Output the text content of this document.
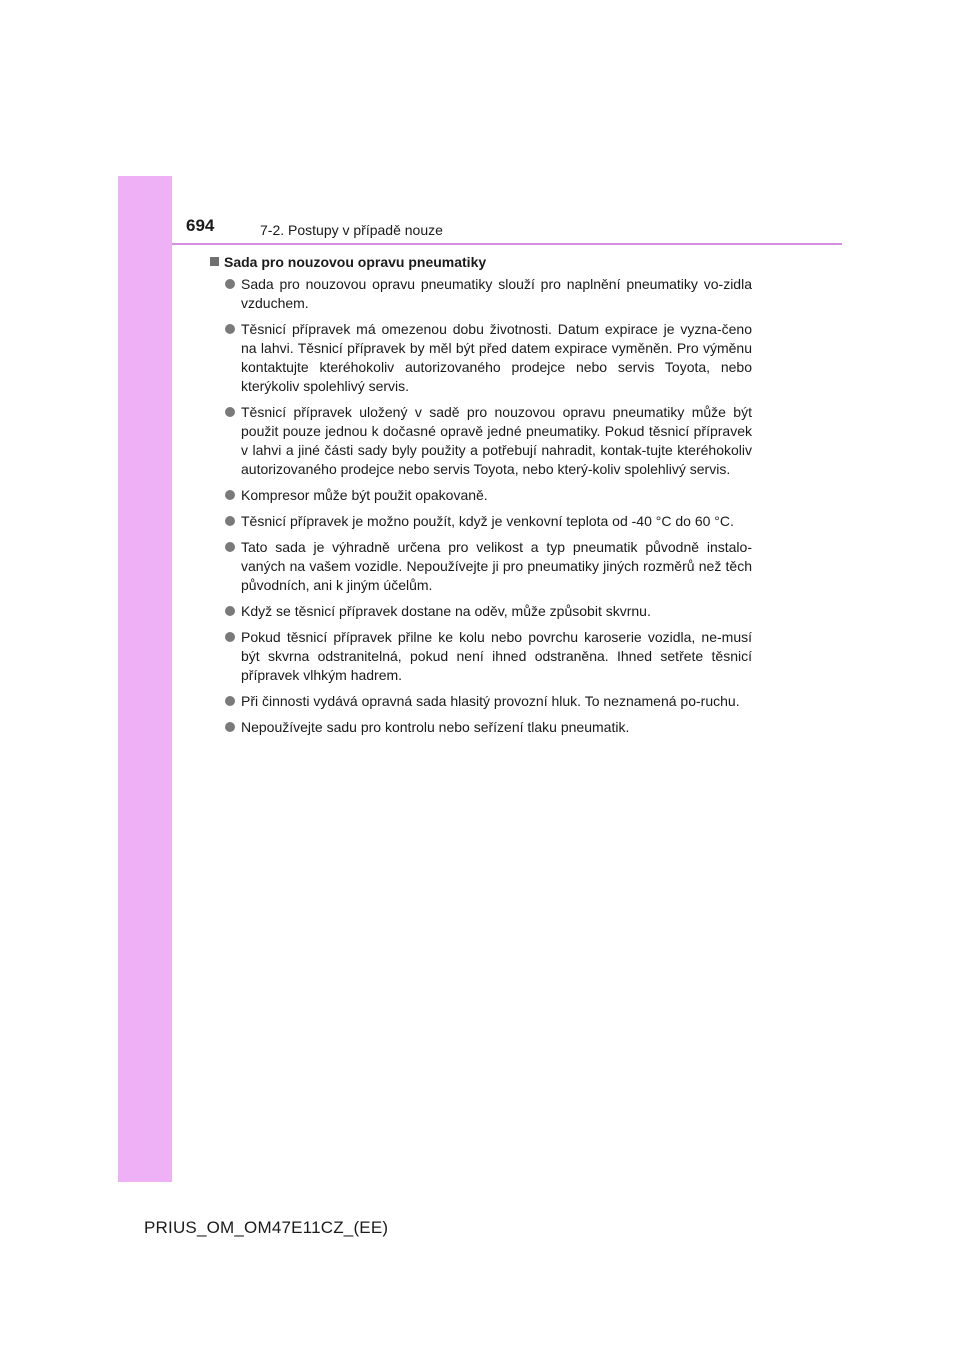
694	7-2. Postupy v případě nouze
Sada pro nouzovou opravu pneumatiky
Sada pro nouzovou opravu pneumatiky slouží pro naplnění pneumatiky vo-zidla vzduchem.
Těsnicí přípravek má omezenou dobu životnosti. Datum expirace je vyzna-čeno na lahvi. Těsnicí přípravek by měl být před datem expirace vyměněn. Pro výměnu kontaktujte kteréhokoliv autorizovaného prodejce nebo servis Toyota, nebo kterýkoliv spolehlivý servis.
Těsnicí přípravek uložený v sadě pro nouzovou opravu pneumatiky může být použit pouze jednou k dočasné opravě jedné pneumatiky. Pokud těsnicí přípravek v lahvi a jiné části sady byly použity a potřebují nahradit, kontak-tujte kteréhokoliv autorizovaného prodejce nebo servis Toyota, nebo který-koliv spolehlivý servis.
Kompresor může být použit opakovaně.
Těsnicí přípravek je možno použít, když je venkovní teplota od -40 °C do 60 °C.
Tato sada je výhradně určena pro velikost a typ pneumatik původně instalo-vaných na vašem vozidle. Nepoužívejte ji pro pneumatiky jiných rozměrů než těch původních, ani k jiným účelům.
Když se těsnicí přípravek dostane na oděv, může způsobit skvrnu.
Pokud těsnicí přípravek přilne ke kolu nebo povrchu karoserie vozidla, ne-musí být skvrna odstranitelná, pokud není ihned odstraněna. Ihned setřete těsnicí přípravek vlhkým hadrem.
Při činnosti vydává opravná sada hlasitý provozní hluk. To neznamená po-ruchu.
Nepoužívejte sadu pro kontrolu nebo seřízení tlaku pneumatik.
PRIUS_OM_OM47E11CZ_(EE)
